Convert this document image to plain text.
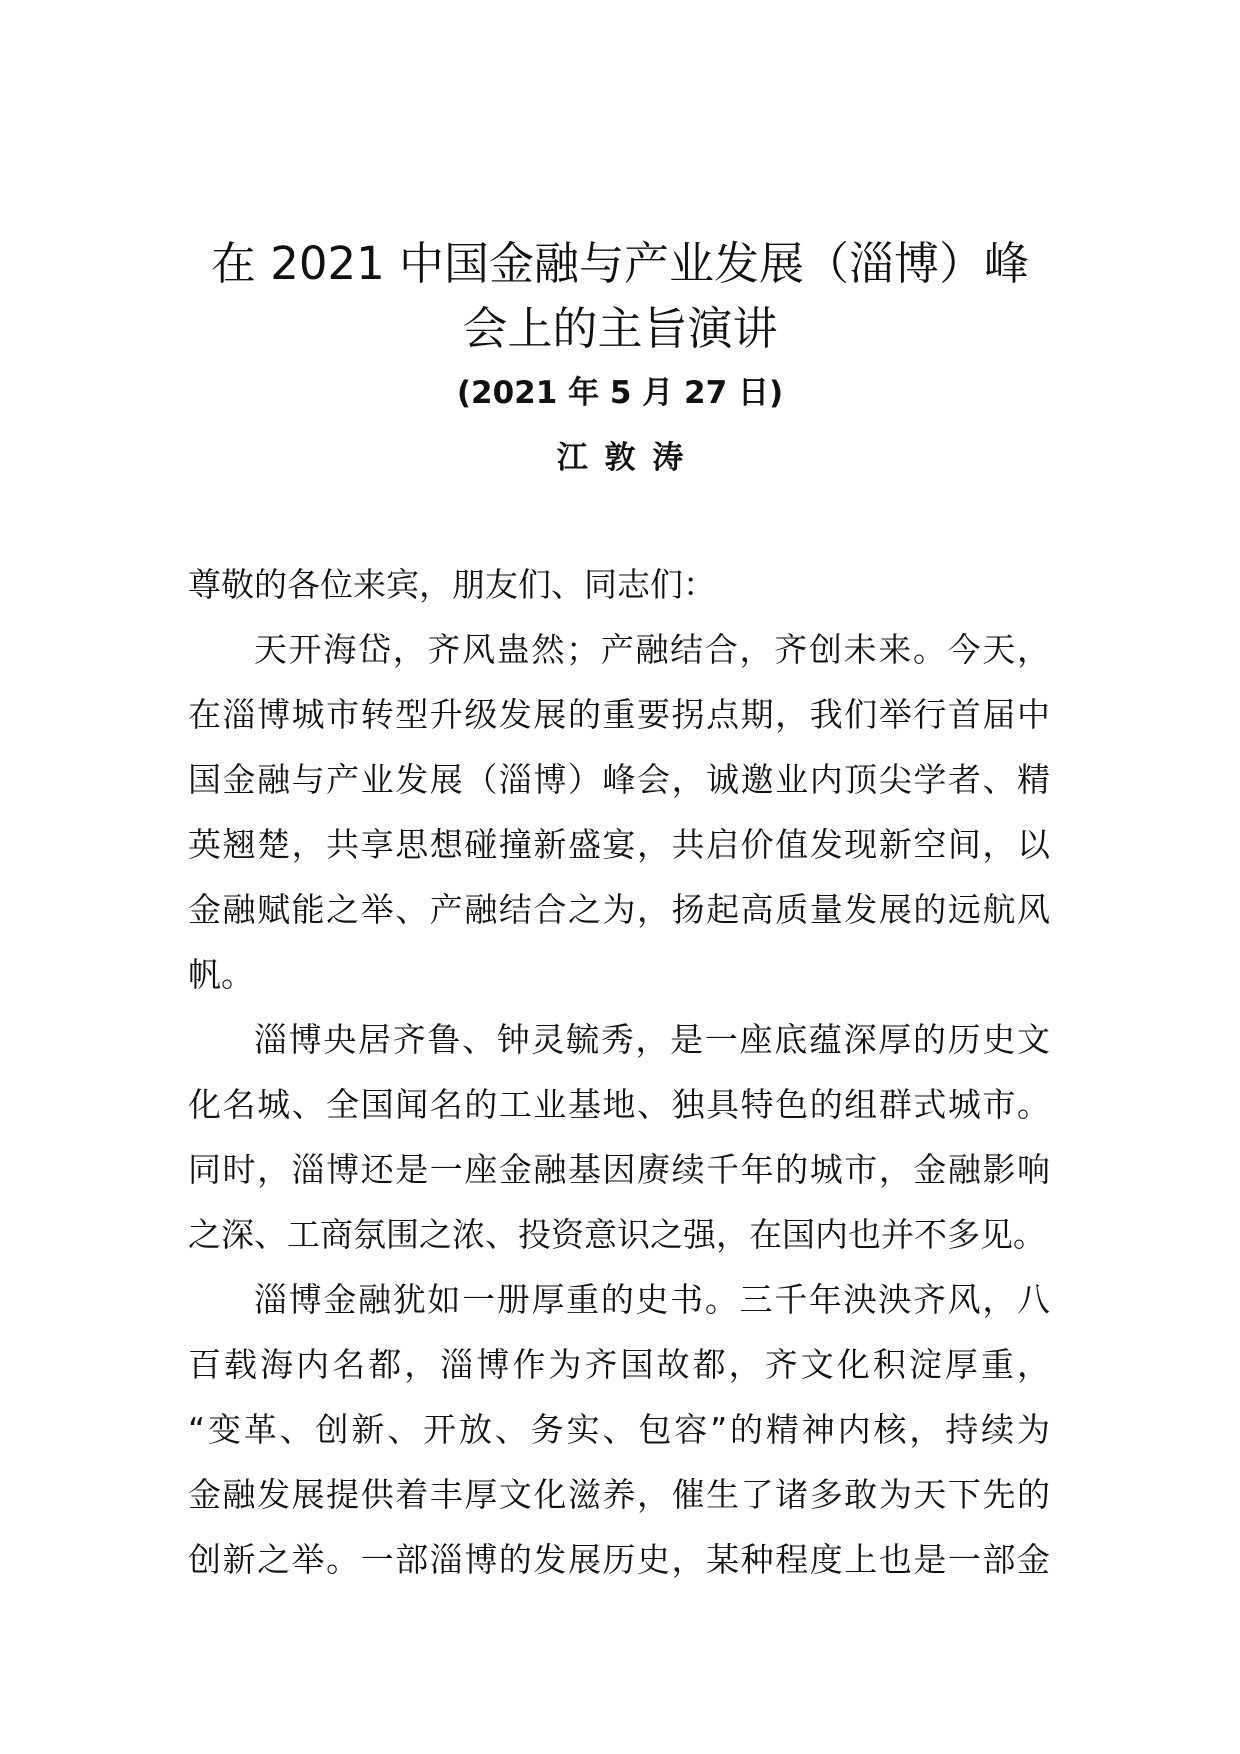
在 2021 中国金融与产业发展（淄博）峰
会上的主旨演讲
(2021 年 5 月 27 日)
江 敦 涛
尊敬的各位来宾，朋友们、同志们：
天开海岱，齐风蛊然；产融结合，齐创未来。今天，
在淄博城市转型升级发展的重要拐点期，我们举行首届中
国金融与产业发展（淄博）峰会，诚邀业内顶尖学者、精
英翘楚，共享思想碰撞新盛宴，共启价值发现新空间，以
金融赋能之举、产融结合之为，扬起高质量发展的远航风
帆。
淄博央居齐鲁、钟灵毓秀，是一座底蕴深厚的历史文
化名城、全国闻名的工业基地、独具特色的组群式城市。
同时，淄博还是一座金融基因赓续千年的城市，金融影响
之深、工商氛围之浓、投资意识之强，在国内也并不多见。
淄博金融犹如一册厚重的史书。三千年泱泱齐风，八
百载海内名都，淄博作为齐国故都，齐文化积淀厚重，
“变革、创新、开放、务实、包容”的精神内核，持续为
金融发展提供着丰厚文化滋养，催生了诸多敢为天下先的
创新之举。一部淄博的发展历史，某种程度上也是一部金
